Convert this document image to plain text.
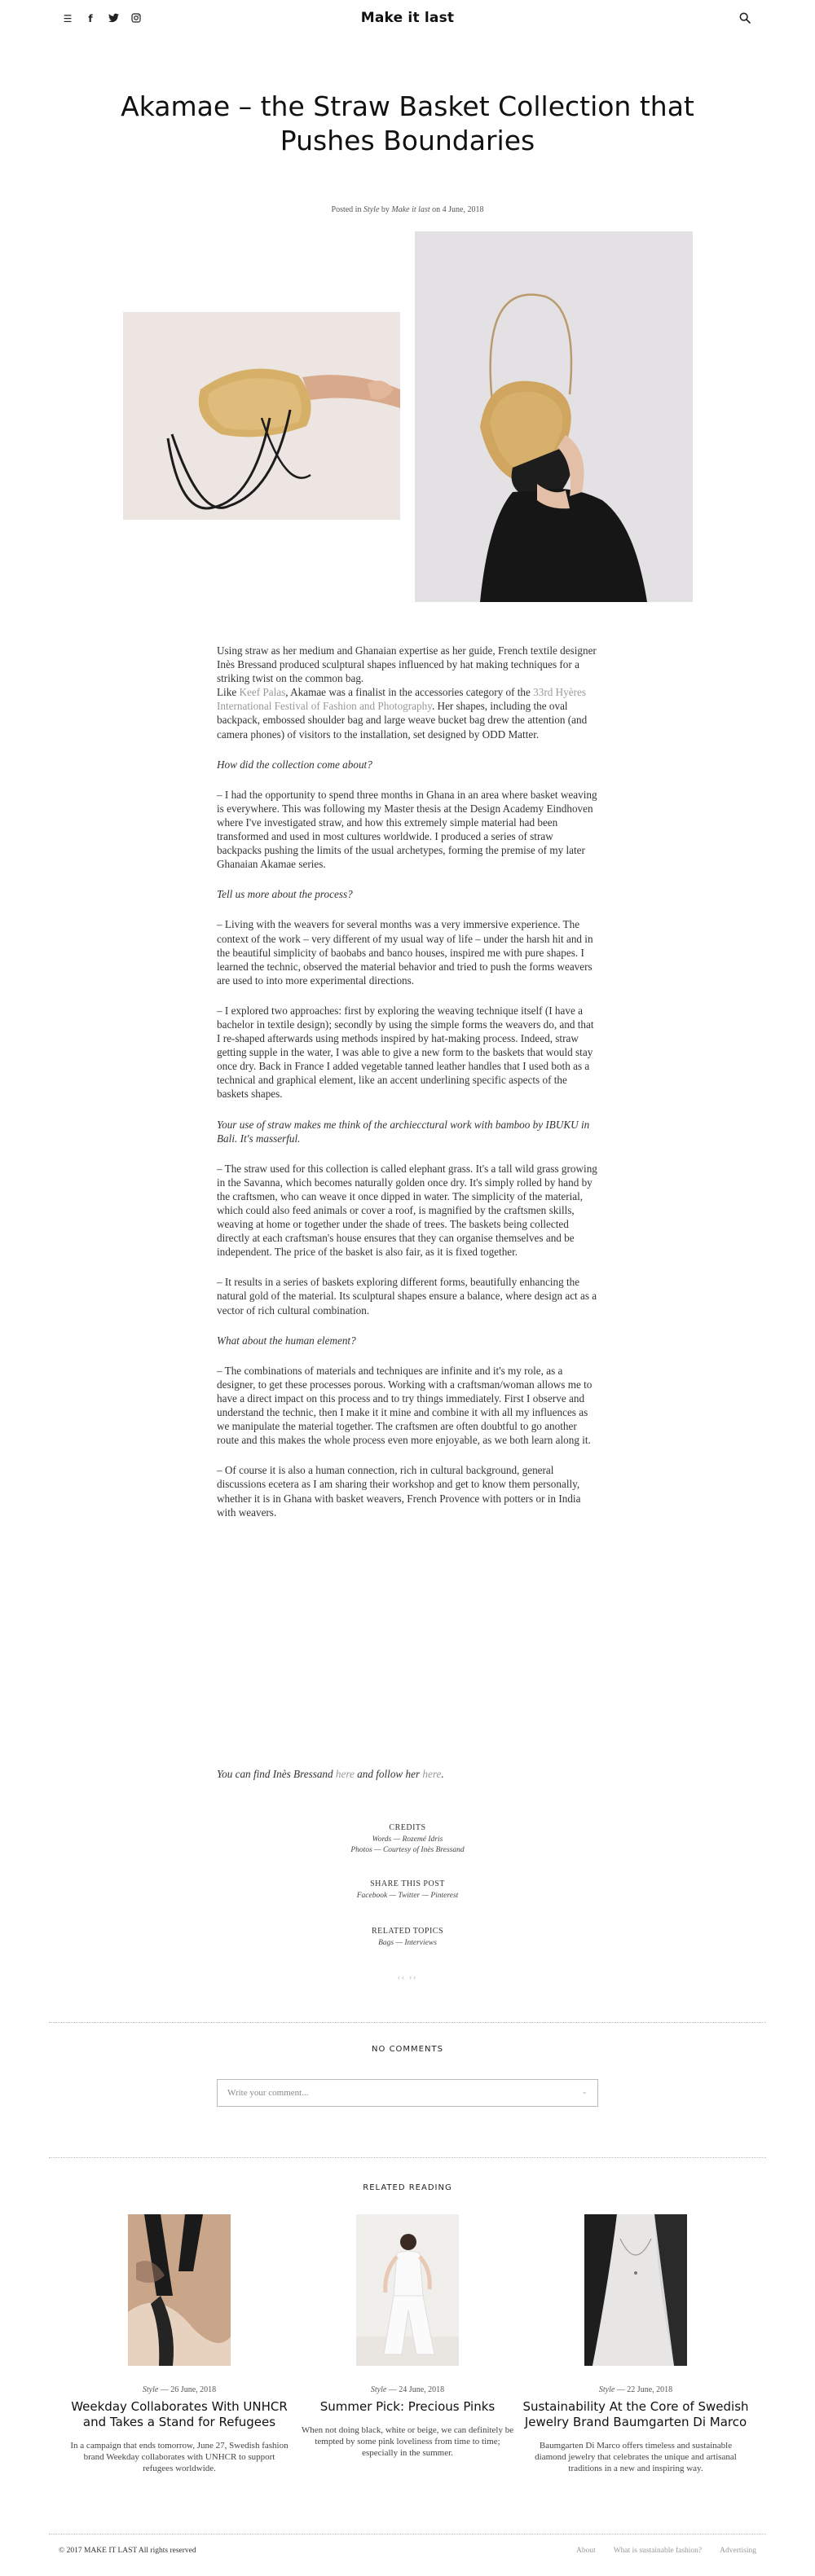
☰	f	Make it last
Akamae – the Straw Basket Collection that Pushes Boundaries
Posted in Style by Make it last on 4 June, 2018

Using straw as her medium and Ghanaian expertise as her guide, French textile designer Inès Bressand produced sculptural shapes influenced by hat making techniques for a striking twist on the common bag.

Like Keef Palas, Akamae was a finalist in the accessories category of the 33rd Hyères International Festival of Fashion and Photography. Her shapes, including the oval backpack, embossed shoulder bag and large weave bucket bag drew the attention (and camera phones) of visitors to the installation, set designed by ODD Matter.

How did the collection come about?

– I had the opportunity to spend three months in Ghana in an area where basket weaving is everywhere. This was following my Master thesis at the Design Academy Eindhoven where I've investigated straw, and how this extremely simple material had been transformed and used in most cultures worldwide. I produced a series of straw backpacks pushing the limits of the usual archetypes, forming the premise of my later Ghanaian Akamae series.

Tell us more about the process?

– Living with the weavers for several months was a very immersive experience. The context of the work – very different of my usual way of life – under the harsh hit and in the beautiful simplicity of baobabs and banco houses, inspired me with pure shapes. I learned the technic, observed the material behavior and tried to push the forms weavers are used to into more experimental directions.

– I explored two approaches: first by exploring the weaving technique itself (I have a bachelor in textile design); secondly by using the simple forms the weavers do, and that I re-shaped afterwards using methods inspired by hat-making process. Indeed, straw getting supple in the water, I was able to give a new form to the baskets that would stay once dry. Back in France I added vegetable tanned leather handles that I used both as a technical and graphical element, like an accent underlining specific aspects of the baskets shapes.

Your use of straw makes me think of the archiecctural work with bamboo by IBUKU in Bali. It's masserful.

– The straw used for this collection is called elephant grass. It's a tall wild grass growing in the Savanna, which becomes naturally golden once dry. It's simply rolled by hand by the craftsmen, who can weave it once dipped in water. The simplicity of the material, which could also feed animals or cover a roof, is magnified by the craftsmen skills, weaving at home or together under the shade of trees. The baskets being collected directly at each craftsman's house ensures that they can organise themselves and be independent. The price of the basket is also fair, as it is fixed together.

– It results in a series of baskets exploring different forms, beautifully enhancing the natural gold of the material. Its sculptural shapes ensure a balance, where design act as a vector of rich cultural combination.

What about the human element?

– The combinations of materials and techniques are infinite and it's my role, as a designer, to get these processes porous. Working with a craftsman/woman allows me to have a direct impact on this process and to try things immediately. First I observe and understand the technic, then I make it it mine and combine it with all my influences as we manipulate the material together. The craftsmen are often doubtful to go another route and this makes the whole process even more enjoyable, as we both learn along it.

– Of course it is also a human connection, rich in cultural background, general discussions ecetera as I am sharing their workshop and get to know them personally, whether it is in Ghana with basket weavers, French Provence with potters or in India with weavers.

You can find Inès Bressand here and follow her here.
CREDITS
Words — Rozemé Idris
Photos — Courtesy of Inès Bressand
SHARE THIS POST
Facebook — Twitter — Pinterest
RELATED TOPICS
Bags — Interviews
‹‹ ››
NO COMMENTS
Write your comment...
⌄
RELATED READING
Style — 26 June, 2018
Weekday Collaborates With UNHCR and Takes a Stand for Refugees
In a campaign that ends tomorrow, June 27, Swedish fashion brand Weekday collaborates with UNHCR to support refugees worldwide.
Style — 24 June, 2018
Summer Pick: Precious Pinks
When not doing black, white or beige, we can definitely be tempted by some pink loveliness from time to time; especially in the summer.
Style — 22 June, 2018
Sustainability At the Core of Swedish Jewelry Brand Baumgarten Di Marco
Baumgarten Di Marco offers timeless and sustainable diamond jewelry that celebrates the unique and artisanal traditions in a new and inspiring way.
© 2017 MAKE IT LAST All rights reserved	About What is sustainable fashion? Advertising
